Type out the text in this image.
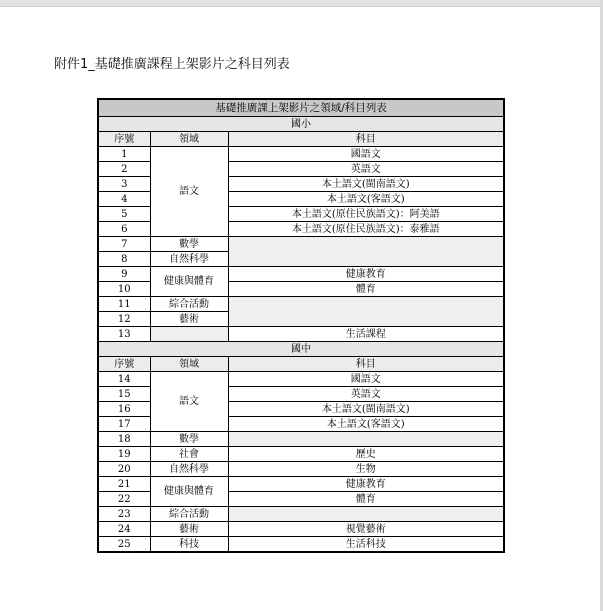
附件1_基礎推廣課程上架影片之科目列表
基礎推廣課上架影片之領域/科目列表		
國小		
序號	領域	科目
1	語文	國語文
2		英語文
3		本土語文(閩南語文)
4		本土語文(客語文)
5		本土語文(原住民族語文)：阿美語
6		本土語文(原住民族語文)：泰雅語
7	數學	
8	自然科學	
9	健康與體育	健康教育
10		體育
11	綜合活動	
12	藝術	
13		生活課程
國中		
序號	領域	科目
14	語文	國語文
15		英語文
16		本土語文(閩南語文)
17		本土語文(客語文)
18	數學	
19	社會	歷史
20	自然科學	生物
21	健康與體育	健康教育
22		體育
23	綜合活動	
24	藝術	視覺藝術
25	科技	生活科技
